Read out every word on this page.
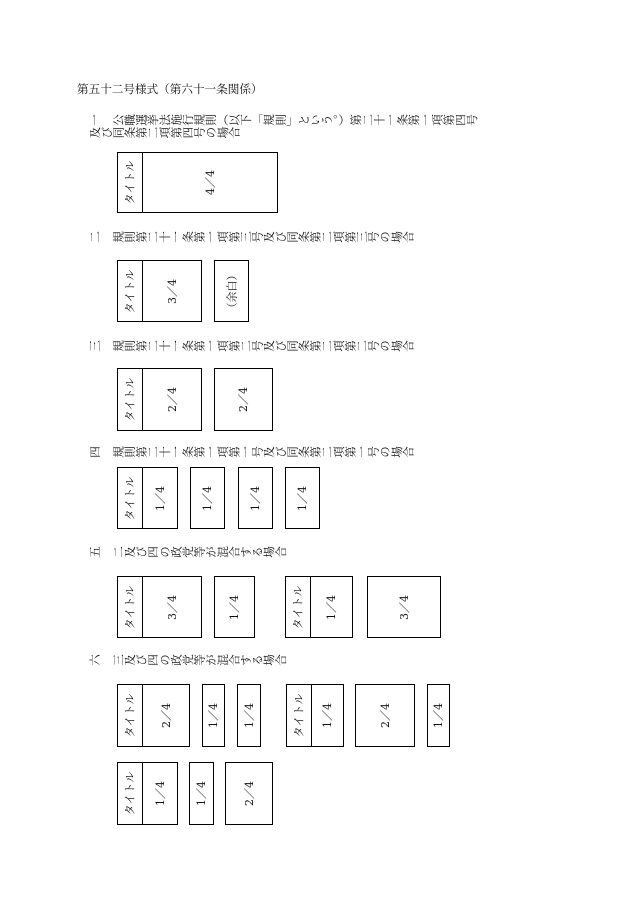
第五十二号様式（第六十一条関係）

一 公職選挙法施行規則（以下「規則」という。）第二十一条第一項第四号及び同条第二項第四号の場合

タイトル	4／4

二 規則第二十一条第一項第三号及び同条第二項第三号の場合

タイトル	3／4	（余白）

三 規則第二十一条第一項第二号及び同条第二項第二号の場合

タイトル	2／4	2／4

四 規則第二十一条第一項第一号及び同条第二項第一号の場合

タイトル 1／4	1／4	1／4	1／4

五 二及び四の政党等が混合する場合

タイトル	3／4	1／4	タイトル 1／4	3／4

六 三及び四の政党等が混合する場合

タイトル 2／4	1／4 1／4	タイトル 1／4	2／4	1／4
タイトル 1／4	1／4	2／4
